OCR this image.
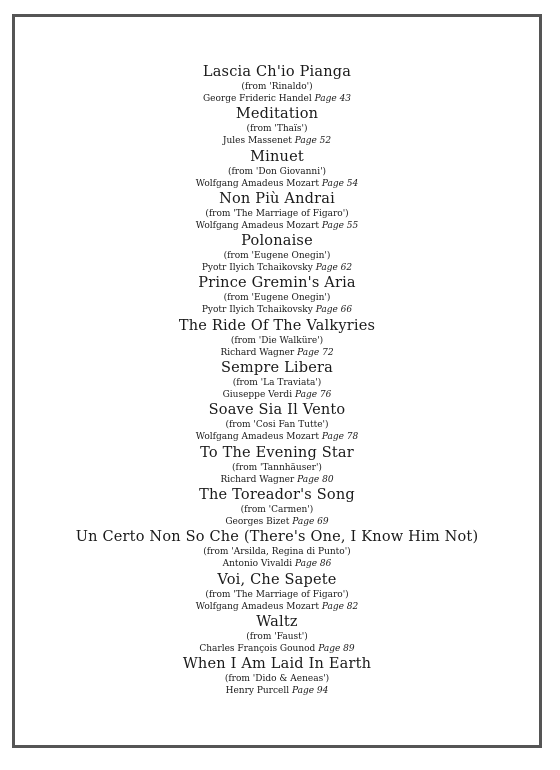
Lascia Ch'io Pianga
(from 'Rinaldo')
George Frideric Handel Page 43
Meditation
(from 'Thaïs')
Jules Massenet Page 52
Minuet
(from 'Don Giovanni')
Wolfgang Amadeus Mozart Page 54
Non Più Andrai
(from 'The Marriage of Figaro')
Wolfgang Amadeus Mozart Page 55
Polonaise
(from 'Eugene Onegin')
Pyotr Ilyich Tchaikovsky Page 62
Prince Gremin's Aria
(from 'Eugene Onegin')
Pyotr Ilyich Tchaikovsky Page 66
The Ride Of The Valkyries
(from 'Die Walküre')
Richard Wagner Page 72
Sempre Libera
(from 'La Traviata')
Giuseppe Verdi Page 76
Soave Sia Il Vento
(from 'Cosi Fan Tutte')
Wolfgang Amadeus Mozart Page 78
To The Evening Star
(from 'Tannhäuser')
Richard Wagner Page 80
The Toreador's Song
(from 'Carmen')
Georges Bizet Page 69
Un Certo Non So Che (There's One, I Know Him Not)
(from 'Arsilda, Regina di Punto')
Antonio Vivaldi Page 86
Voi, Che Sapete
(from 'The Marriage of Figaro')
Wolfgang Amadeus Mozart Page 82
Waltz
(from 'Faust')
Charles François Gounod Page 89
When I Am Laid In Earth
(from 'Dido & Aeneas')
Henry Purcell Page 94
